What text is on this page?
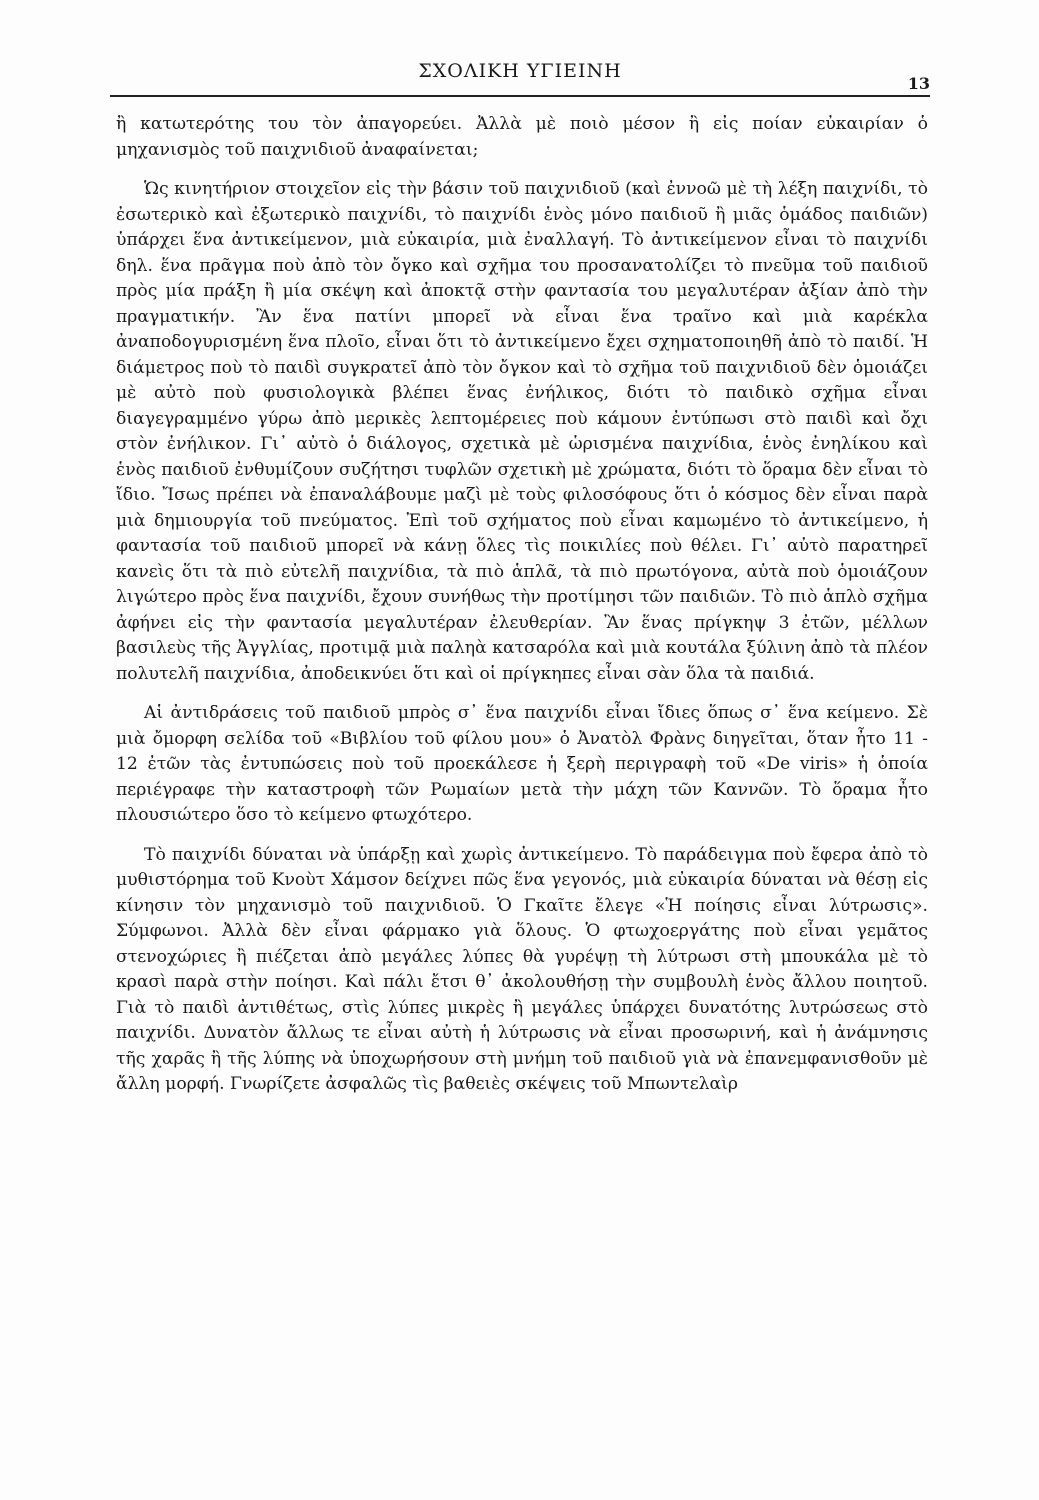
ΣΧΟΛΙΚΗ ΥΓΙΕΙΝΗ
13

ἢ κατωτερότης του τὸν ἀπαγορεύει. Ἀλλὰ μὲ ποιὸ μέσον ἢ εἰς ποίαν εὐκαιρίαν ὁ μηχανισμὸς τοῦ παιχνιδιοῦ ἀναφαίνεται;

Ὡς κινητήριον στοιχεῖον εἰς τὴν βάσιν τοῦ παιχνιδιοῦ (καὶ ἐννοῶ μὲ τὴ λέξη παιχνίδι, τὸ ἐσωτερικὸ καὶ ἐξωτερικὸ παιχνίδι, τὸ παιχνίδι ἑνὸς μόνο παιδιοῦ ἢ μιᾶς ὁμάδος παιδιῶν) ὑπάρχει ἕνα ἀντικείμενον, μιὰ εὐκαιρία, μιὰ ἐναλλαγή. Τὸ ἀντικείμενον εἶναι τὸ παιχνίδι δηλ. ἕνα πρᾶγμα ποὺ ἀπὸ τὸν ὄγκο καὶ σχῆμα του προσανατολίζει τὸ πνεῦμα τοῦ παιδιοῦ πρὸς μία πράξη ἢ μία σκέψη καὶ ἀποκτᾷ στὴν φαντασία του μεγαλυτέραν ἀξίαν ἀπὸ τὴν πραγματικήν. Ἂν ἕνα πατίνι μπορεῖ νὰ εἶναι ἕνα τραῖνο καὶ μιὰ καρέκλα ἀναποδογυρισμένη ἕνα πλοῖο, εἶναι ὅτι τὸ ἀντικείμενο ἔχει σχηματοποιηθῆ ἀπὸ τὸ παιδί. Ἡ διάμετρος ποὺ τὸ παιδὶ συγκρατεῖ ἀπὸ τὸν ὄγκον καὶ τὸ σχῆμα τοῦ παιχνιδιοῦ δὲν ὁμοιάζει μὲ αὐτὸ ποὺ φυσιολογικὰ βλέπει ἕνας ἐνήλικος, διότι τὸ παιδικὸ σχῆμα εἶναι διαγεγραμμένο γύρω ἀπὸ μερικὲς λεπτομέρειες ποὺ κάμουν ἐντύπωσι στὸ παιδὶ καὶ ὄχι στὸν ἐνήλικον. Γι᾿ αὐτὸ ὁ διάλογος, σχετικὰ μὲ ὡρισμένα παιχνίδια, ἑνὸς ἐνηλίκου καὶ ἑνὸς παιδιοῦ ἐνθυμίζουν συζήτησι τυφλῶν σχετικὴ μὲ χρώματα, διότι τὸ ὅραμα δὲν εἶναι τὸ ἴδιο. Ἴσως πρέπει νὰ ἐπαναλάβουμε μαζὶ μὲ τοὺς φιλοσόφους ὅτι ὁ κόσμος δὲν εἶναι παρὰ μιὰ δημιουργία τοῦ πνεύματος. Ἐπὶ τοῦ σχήματος ποὺ εἶναι καμωμένο τὸ ἀντικείμενο, ἡ φαντασία τοῦ παιδιοῦ μπορεῖ νὰ κάνῃ ὅλες τὶς ποικιλίες ποὺ θέλει. Γι᾿ αὐτὸ παρατηρεῖ κανεὶς ὅτι τὰ πιὸ εὐτελῆ παιχνίδια, τὰ πιὸ ἁπλᾶ, τὰ πιὸ πρωτόγονα, αὐτὰ ποὺ ὁμοιάζουν λιγώτερο πρὸς ἕνα παιχνίδι, ἔχουν συνήθως τὴν προτίμησι τῶν παιδιῶν. Τὸ πιὸ ἁπλὸ σχῆμα ἀφήνει εἰς τὴν φαντασία μεγαλυτέραν ἐλευθερίαν. Ἂν ἕνας πρίγκηψ 3 ἐτῶν, μέλλων βασιλεὺς τῆς Ἀγγλίας, προτιμᾷ μιὰ παληὰ κατσαρόλα καὶ μιὰ κουτάλα ξύλινη ἀπὸ τὰ πλέον πολυτελῆ παιχνίδια, ἀποδεικνύει ὅτι καὶ οἱ πρίγκηπες εἶναι σὰν ὅλα τὰ παιδιά.

Αἱ ἀντιδράσεις τοῦ παιδιοῦ μπρὸς σ᾿ ἕνα παιχνίδι εἶναι ἴδιες ὅπως σ᾿ ἕνα κείμενο. Σὲ μιὰ ὄμορφη σελίδα τοῦ «Βιβλίου τοῦ φίλου μου» ὁ Ἀνατὸλ Φρὰνς διηγεῖται, ὅταν ἦτο 11 - 12 ἐτῶν τὰς ἐντυπώσεις ποὺ τοῦ προεκάλεσε ἡ ξερὴ περιγραφὴ τοῦ «De viris» ἡ ὁποία περιέγραφε τὴν καταστροφὴ τῶν Ρωμαίων μετὰ τὴν μάχη τῶν Καννῶν. Τὸ ὅραμα ἦτο πλουσιώτερο ὅσο τὸ κείμενο φτωχότερο.

Τὸ παιχνίδι δύναται νὰ ὑπάρξῃ καὶ χωρὶς ἀντικείμενο. Τὸ παράδειγμα ποὺ ἔφερα ἀπὸ τὸ μυθιστόρημα τοῦ Κνοὺτ Χάμσον δείχνει πῶς ἕνα γεγονός, μιὰ εὐκαιρία δύναται νὰ θέσῃ εἰς κίνησιν τὸν μηχανισμὸ τοῦ παιχνιδιοῦ. Ὁ Γκαῖτε ἔλεγε «Ἡ ποίησις εἶναι λύτρωσις». Σύμφωνοι. Ἀλλὰ δὲν εἶναι φάρμακο γιὰ ὅλους. Ὁ φτωχοεργάτης ποὺ εἶναι γεμᾶτος στενοχώριες ἢ πιέζεται ἀπὸ μεγάλες λύπες θὰ γυρέψῃ τὴ λύτρωσι στὴ μπουκάλα μὲ τὸ κρασὶ παρὰ στὴν ποίησι. Καὶ πάλι ἔτσι θ᾿ ἀκολουθήσῃ τὴν συμβουλὴ ἑνὸς ἄλλου ποιητοῦ. Γιὰ τὸ παιδὶ ἀντιθέτως, στὶς λύπες μικρὲς ἢ μεγάλες ὑπάρχει δυνατότης λυτρώσεως στὸ παιχνίδι. Δυνατὸν ἄλλως τε εἶναι αὐτὴ ἡ λύτρωσις νὰ εἶναι προσωρινή, καὶ ἡ ἀνάμνησις τῆς χαρᾶς ἢ τῆς λύπης νὰ ὑποχωρήσουν στὴ μνήμη τοῦ παιδιοῦ γιὰ νὰ ἐπανεμφανισθοῦν μὲ ἄλλη μορφή. Γνωρίζετε ἀσφαλῶς τὶς βαθειὲς σκέψεις τοῦ Μπωντελαὶρ
